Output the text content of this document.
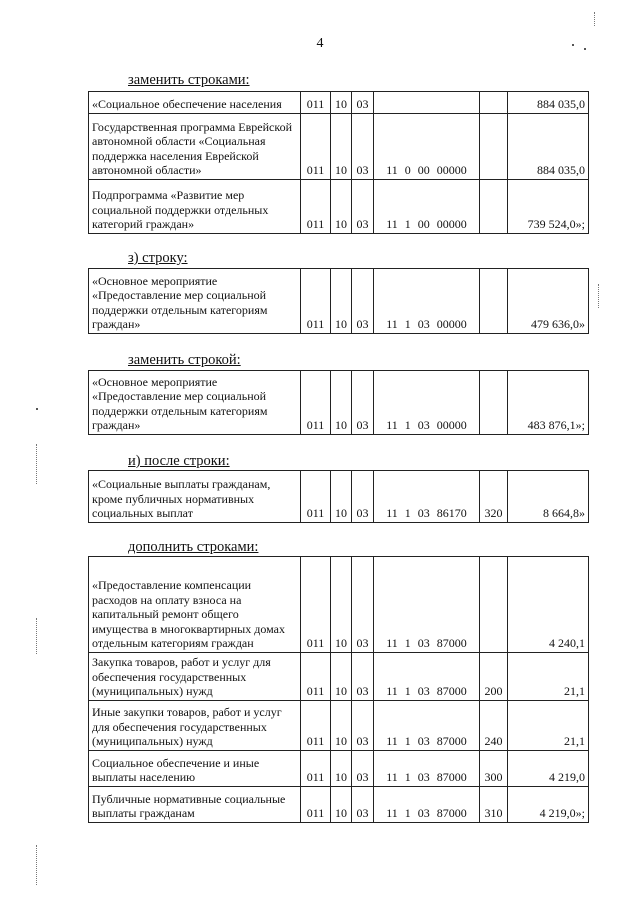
4
заменить строками:
«Социальное обеспечение населения	011	10	03			884 035,0
Государственная программа Еврейской автономной области «Социальная поддержка населения Еврейской автономной области»	011	10	03	11 0 00 00000		884 035,0
Подпрограмма «Развитие мер социальной поддержки отдельных категорий граждан»	011	10	03	11 1 00 00000		739 524,0»;
з) строку:
«Основное мероприятие «Предоставление мер социальной поддержки отдельным категориям граждан»	011	10	03	11 1 03 00000		479 636,0»
заменить строкой:
«Основное мероприятие «Предоставление мер социальной поддержки отдельным категориям граждан»	011	10	03	11 1 03 00000		483 876,1»;
и) после строки:
«Социальные выплаты гражданам, кроме публичных нормативных социальных выплат	011	10	03	11 1 03 86170	320	8 664,8»
дополнить строками:
«Предоставление компенсации расходов на оплату взноса на капитальный ремонт общего имущества в многоквартирных домах отдельным категориям граждан	011	10	03	11 1 03 87000		4 240,1
Закупка товаров, работ и услуг для обеспечения государственных (муниципальных) нужд	011	10	03	11 1 03 87000	200	21,1
Иные закупки товаров, работ и услуг для обеспечения государственных (муниципальных) нужд	011	10	03	11 1 03 87000	240	21,1
Социальное обеспечение и иные выплаты населению	011	10	03	11 1 03 87000	300	4 219,0
Публичные нормативные социальные выплаты гражданам	011	10	03	11 1 03 87000	310	4 219,0»;
